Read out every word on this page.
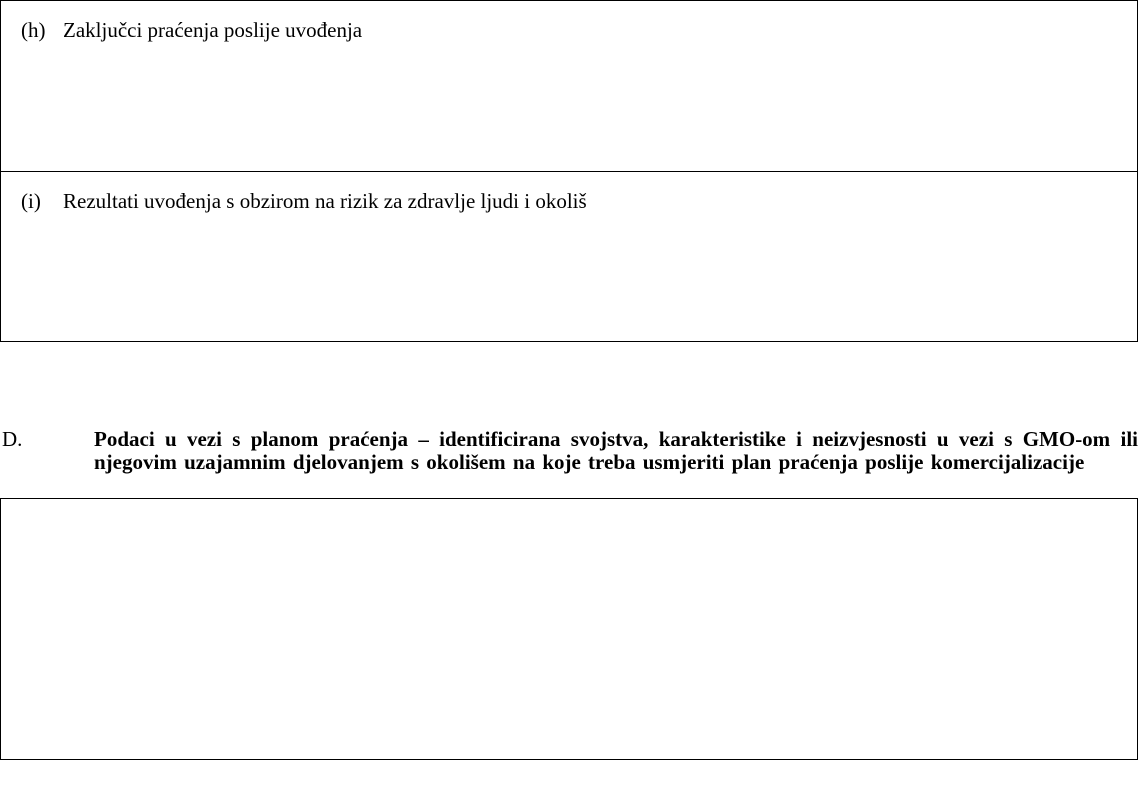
(h) Zaključci praćenja poslije uvođenja
(i)	Rezultati uvođenja s obzirom na rizik za zdravlje ljudi i okoliš
D.	Podaci u vezi s planom praćenja – identificirana svojstva, karakteristike i neizvjesnosti u vezi s GMO-om ili njegovim uzajamnim djelovanjem s okolišem na koje treba usmjeriti plan praćenja poslije komercijalizacije
